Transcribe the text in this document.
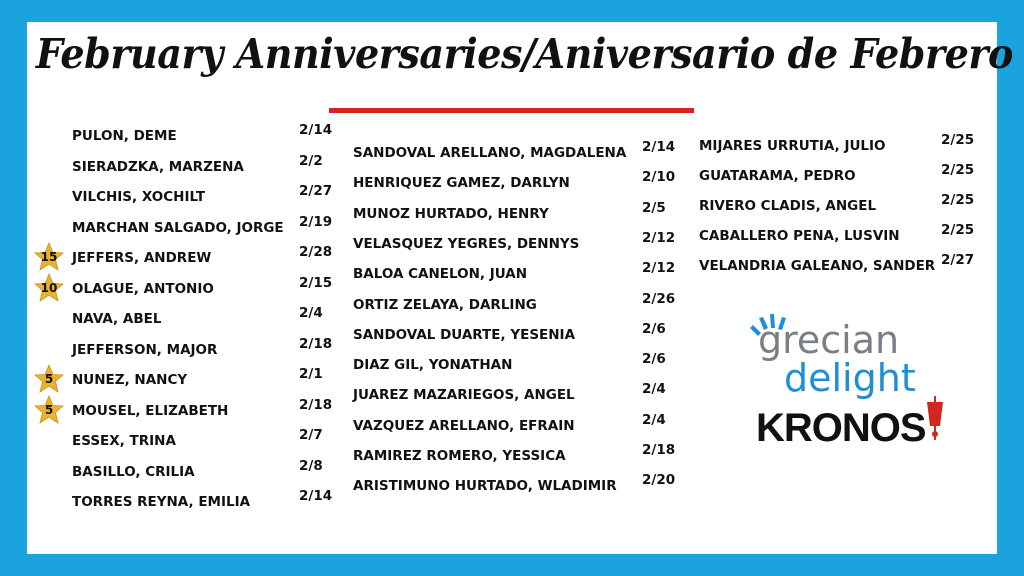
February Anniversaries/Aniversario de Febrero
PULON, DEME	2/14
SIERADZKA, MARZENA	2/2
VILCHIS, XOCHILT	2/27
MARCHAN SALGADO, JORGE 2/19
JEFFERS, ANDREW	2/28
15
OLAGUE, ANTONIO	2/15
10
NAVA, ABEL	2/4
JEFFERSON, MAJOR	2/18
NUNEZ, NANCY	2/1
5
MOUSEL, ELIZABETH	2/18
5
ESSEX, TRINA	2/7
BASILLO, CRILIA	2/8
TORRES REYNA, EMILIA	2/14
SANDOVAL ARELLANO, MAGDALENA 2/14
HENRIQUEZ GAMEZ, DARLYN	2/10
MUNOZ HURTADO, HENRY	2/5
VELASQUEZ YEGRES, DENNYS	2/12
BALOA CANELON, JUAN	2/12
ORTIZ ZELAYA, DARLING	2/26
SANDOVAL DUARTE, YESENIA	2/6
DIAZ GIL, YONATHAN	2/6
JUAREZ MAZARIEGOS, ANGEL	2/4
VAZQUEZ ARELLANO, EFRAIN	2/4
RAMIREZ ROMERO, YESSICA	2/18
ARISTIMUNO HURTADO, WLADIMIR 2/20
MIJARES URRUTIA, JULIO	2/25
GUATARAMA, PEDRO	2/25
RIVERO CLADIS, ANGEL	2/25
CABALLERO PENA, LUSVIN	2/25
VELANDRIA GALEANO, SANDER 2/27
grecian
delight
KRONOS
